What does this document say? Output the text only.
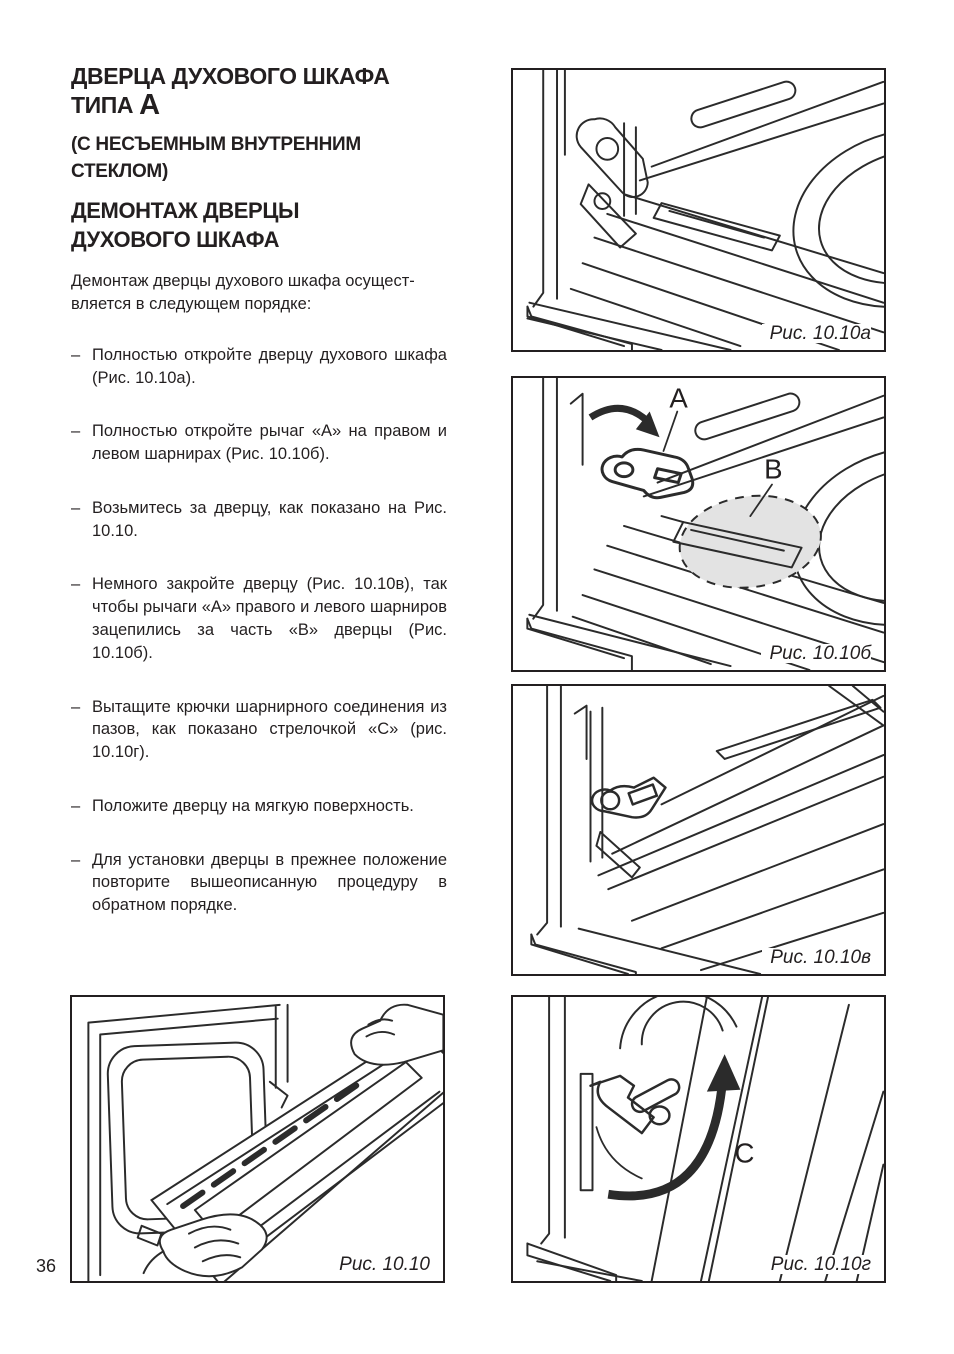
ДВЕРЦА ДУХОВОГО ШКАФА
ТИПА А
(С НЕСЪЕМНЫМ ВНУТРЕННИМ
СТЕКЛОМ)
ДЕМОНТАЖ ДВЕРЦЫ
ДУХОВОГО ШКАФА

Демонтаж дверцы духового шкафа осущест-
вляется в следующем порядке:

– Полностью откройте дверцу духового шкафа (Рис. 10.10а).
– Полностью откройте рычаг «А» на правом и левом шарнирах (Рис. 10.10б).
– Возьмитесь за дверцу, как показано на Рис. 10.10.
– Немного закройте дверцу (Рис. 10.10в), так чтобы рычаги «А» правого и левого шарниров зацепились за часть «В» дверцы (Рис. 10.10б).
– Вытащите крючки шарнирного соединения из пазов, как показано стрелочкой «С» (рис. 10.10г).
– Положите дверцу на мягкую поверхность.
– Для установки дверцы в прежнее положение повторите вышеописанную процедуру в обратном порядке.
Рис. 10.10а
A
B
Рис. 10.10б
Рис. 10.10в
C
Рис. 10.10г
Рис. 10.10
36
